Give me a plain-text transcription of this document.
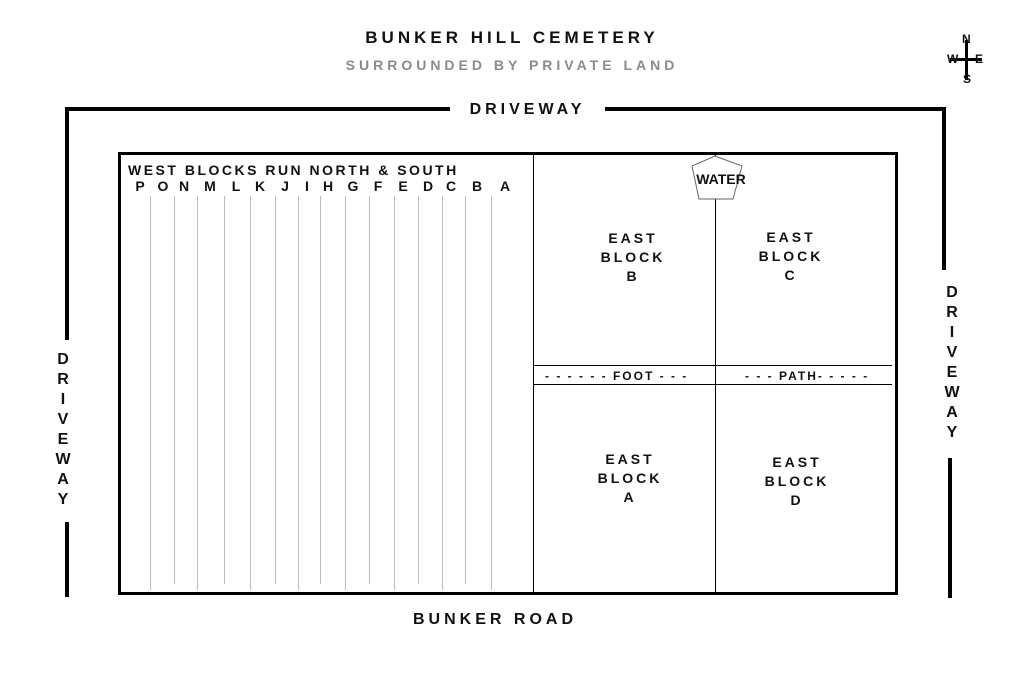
BUNKER HILL CEMETERY
SURROUNDED BY PRIVATE LAND
N
S
W E
DRIVEWAY
D
R
I
V
E
W
A
Y
D
R
I
V
E
W
A
Y
BUNKER ROAD
- - - - - - FOOT - - -	- - - PATH- - - - -
WATER
WEST BLOCKS RUN NORTH & SOUTH
P O N	M	L	K	J	I	H	G	F	E	D C	B	A
EAST
BLOCK
B
EAST
BLOCK
C
EAST
BLOCK
A
EAST
BLOCK
D
